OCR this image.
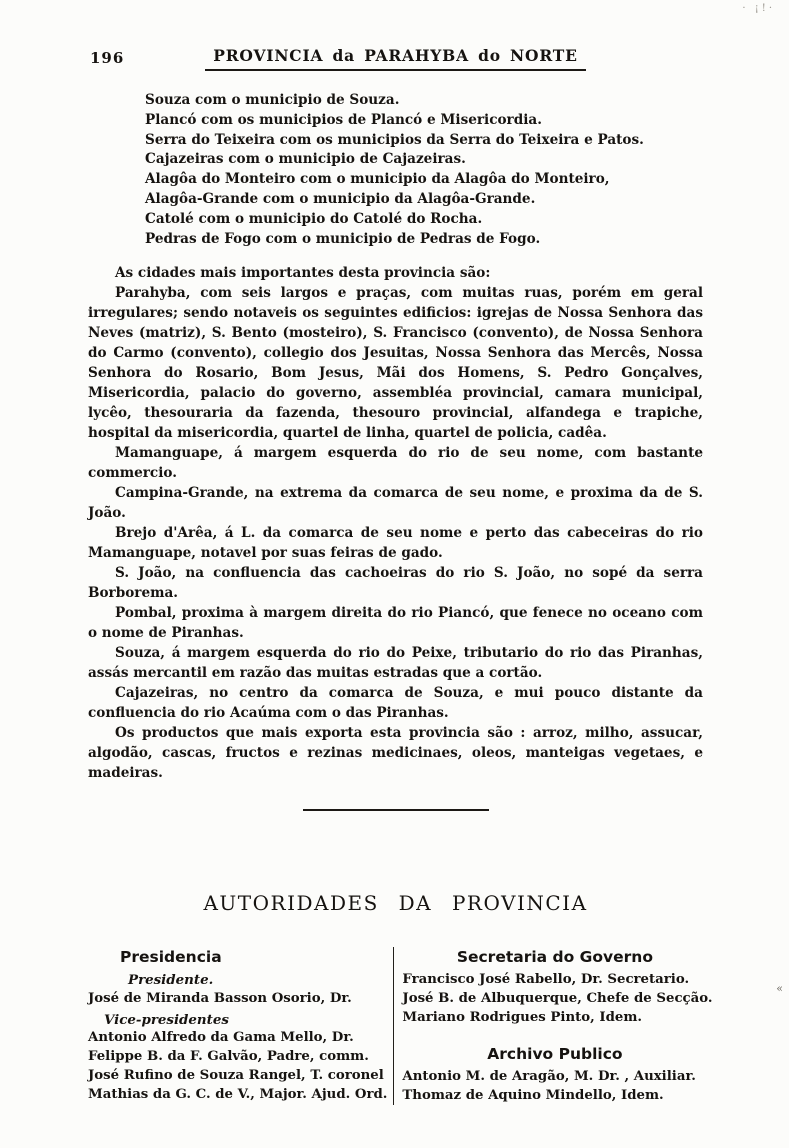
· ¡!·
«
196	PROVINCIA da PARAHYBA do NORTE
Souza com o municipio de Souza.
Plancó com os municipios de Plancó e Misericordia.
Serra do Teixeira com os municipios da Serra do Teixeira e Patos.
Cajazeiras com o municipio de Cajazeiras.
Alagôa do Monteiro com o municipio da Alagôa do Monteiro,
Alagôa-Grande com o municipio da Alagôa-Grande.
Catolé com o municipio do Catolé do Rocha.
Pedras de Fogo com o municipio de Pedras de Fogo.

As cidades mais importantes desta provincia são:

Parahyba, com seis largos e praças, com muitas ruas, porém em geral irregulares; sendo notaveis os seguintes edificios: igrejas de Nossa Senhora das Neves (matriz), S. Bento (mosteiro), S. Francisco (convento), de Nossa Senhora do Carmo (convento), collegio dos Jesuitas, Nossa Senhora das Mercês, Nossa Senhora do Rosario, Bom Jesus, Mãi dos Homens, S. Pedro Gonçalves, Misericordia, palacio do governo, assembléa provincial, camara municipal, lycêo, thesouraria da fazenda, thesouro provincial, alfandega e trapiche, hospital da misericordia, quartel de linha, quartel de policia, cadêa.

Mamanguape, á margem esquerda do rio de seu nome, com bastante commercio.

Campina-Grande, na extrema da comarca de seu nome, e proxima da de S. João.

Brejo d'Arêa, á L. da comarca de seu nome e perto das cabeceiras do rio Mamanguape, notavel por suas feiras de gado.

S. João, na confluencia das cachoeiras do rio S. João, no sopé da serra Borborema.

Pombal, proxima à margem direita do rio Piancó, que fenece no oceano com o nome de Piranhas.

Souza, á margem esquerda do rio do Peixe, tributario do rio das Piranhas, assás mercantil em razão das muitas estradas que a cortão.

Cajazeiras, no centro da comarca de Souza, e mui pouco distante da confluencia do rio Acaúma com o das Piranhas.

Os productos que mais exporta esta provincia são : arroz, milho, assucar, algodão, cascas, fructos e rezinas medicinaes, oleos, manteigas vegetaes, e madeiras.

AUTORIDADES DA PROVINCIA
Presidencia
Presidente.
José de Miranda Basson Osorio, Dr.
Vice-presidentes
Antonio Alfredo da Gama Mello, Dr.
Felippe B. da F. Galvão, Padre, comm.
José Rufino de Souza Rangel, T. coronel
Mathias da G. C. de V., Major. Ajud. Ord.
Secretaria do Governo
Francisco José Rabello, Dr. Secretario.
José B. de Albuquerque, Chefe de Secção.
Mariano Rodrigues Pinto, Idem.
Archivo Publico
Antonio M. de Aragão, M. Dr. , Auxiliar.
Thomaz de Aquino Mindello, Idem.
